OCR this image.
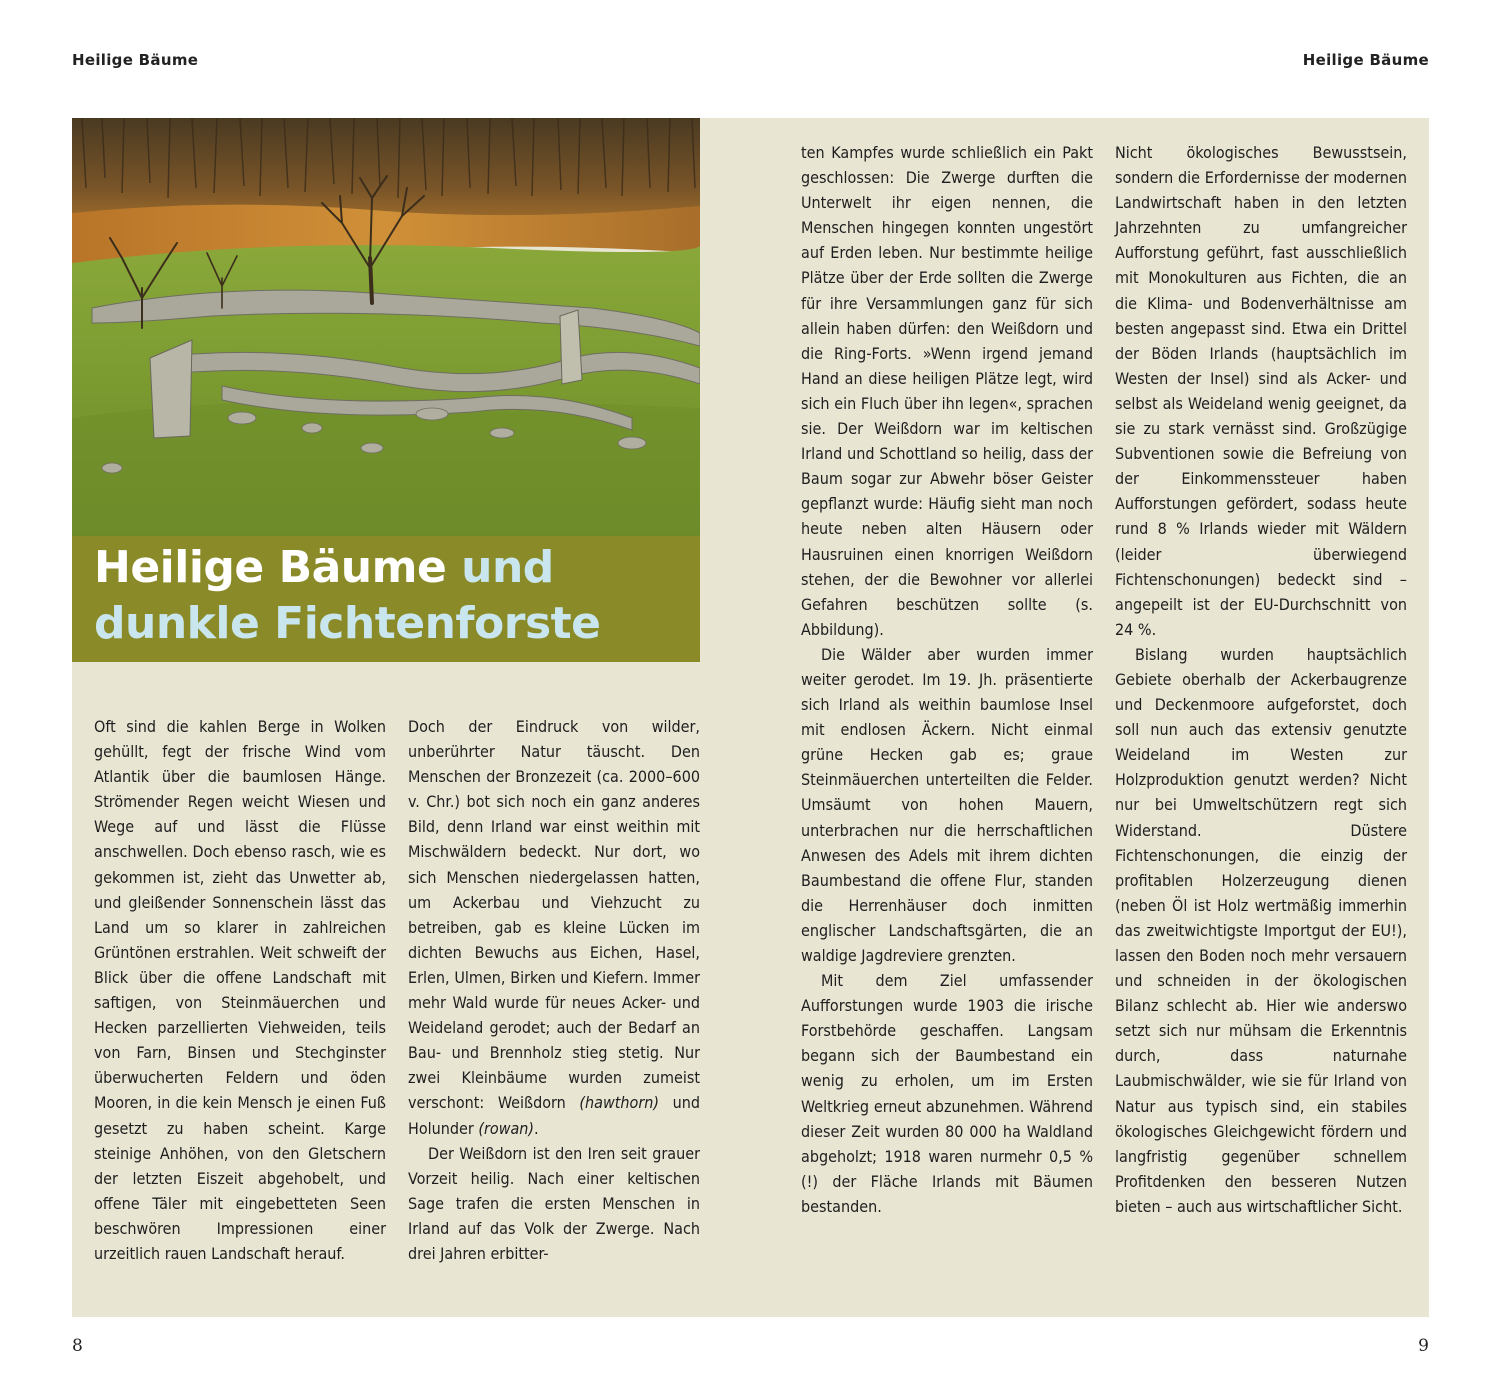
Heilige Bäume	Heilige Bäume
Heilige Bäume und
dunkle Fichtenforste

Oft sind die kahlen Berge in Wolken gehüllt, fegt der frische Wind vom Atlantik über die baumlosen Hänge. Strömender Regen weicht Wiesen und Wege auf und lässt die Flüsse anschwellen. Doch ebenso rasch, wie es gekommen ist, zieht das Unwetter ab, und gleißender Sonnenschein lässt das Land um so klarer in zahlreichen Grüntönen erstrahlen. Weit schweift der Blick über die offene Landschaft mit saftigen, von Steinmäuerchen und Hecken parzellierten Viehweiden, teils von Farn, Binsen und Stechginster überwucherten Feldern und öden Mooren, in die kein Mensch je einen Fuß gesetzt zu haben scheint. Karge steinige Anhöhen, von den Gletschern der letzten Eiszeit abgehobelt, und offene Täler mit eingebetteten Seen beschwören Impressionen einer urzeitlich rauen Landschaft herauf.

Doch der Eindruck von wilder, unberührter Natur täuscht. Den Menschen der Bronzezeit (ca. 2000–600 v. Chr.) bot sich noch ein ganz anderes Bild, denn Irland war einst weithin mit Mischwäldern bedeckt. Nur dort, wo sich Menschen niedergelassen hatten, um Ackerbau und Viehzucht zu betreiben, gab es kleine Lücken im dichten Bewuchs aus Eichen, Hasel, Erlen, Ulmen, Birken und Kiefern. Immer mehr Wald wurde für neues Acker- und Weideland gerodet; auch der Bedarf an Bau- und Brennholz stieg stetig. Nur zwei Kleinbäume wurden zumeist verschont: Weißdorn (hawthorn) und Holunder (rowan).

Der Weißdorn ist den Iren seit grauer Vorzeit heilig. Nach einer keltischen Sage trafen die ersten Menschen in Irland auf das Volk der Zwerge. Nach drei Jahren erbitter-

ten Kampfes wurde schließlich ein Pakt geschlossen: Die Zwerge durften die Unterwelt ihr eigen nennen, die Menschen hingegen konnten ungestört auf Erden leben. Nur bestimmte heilige Plätze über der Erde sollten die Zwerge für ihre Versammlungen ganz für sich allein haben dürfen: den Weißdorn und die Ring-Forts. »Wenn irgend jemand Hand an diese heiligen Plätze legt, wird sich ein Fluch über ihn legen«, sprachen sie. Der Weißdorn war im keltischen Irland und Schottland so heilig, dass der Baum sogar zur Abwehr böser Geister gepflanzt wurde: Häufig sieht man noch heute neben alten Häusern oder Hausruinen einen knorrigen Weißdorn stehen, der die Bewohner vor allerlei Gefahren beschützen sollte (s. Abbildung).

Die Wälder aber wurden immer weiter gerodet. Im 19. Jh. präsentierte sich Irland als weithin baumlose Insel mit endlosen Äckern. Nicht einmal grüne Hecken gab es; graue Steinmäuerchen unterteilten die Felder. Umsäumt von hohen Mauern, unterbrachen nur die herrschaftlichen Anwesen des Adels mit ihrem dichten Baumbestand die offene Flur, standen die Herrenhäuser doch inmitten englischer Landschaftsgärten, die an waldige Jagdreviere grenzten.

Mit dem Ziel umfassender Aufforstungen wurde 1903 die irische Forstbehörde geschaffen. Langsam begann sich der Baumbestand ein wenig zu erholen, um im Ersten Weltkrieg erneut abzunehmen. Während dieser Zeit wurden 80 000 ha Waldland abgeholzt; 1918 waren nurmehr 0,5 % (!) der Fläche Irlands mit Bäumen bestanden.

Nicht ökologisches Bewusstsein, sondern die Erfordernisse der modernen Landwirtschaft haben in den letzten Jahrzehnten zu umfangreicher Aufforstung geführt, fast ausschließlich mit Monokulturen aus Fichten, die an die Klima- und Bodenverhältnisse am besten angepasst sind. Etwa ein Drittel der Böden Irlands (hauptsächlich im Westen der Insel) sind als Acker- und selbst als Weideland wenig geeignet, da sie zu stark vernässt sind. Großzügige Subventionen sowie die Befreiung von der Einkommenssteuer haben Aufforstungen gefördert, sodass heute rund 8 % Irlands wieder mit Wäldern (leider überwiegend Fichtenschonungen) bedeckt sind – angepeilt ist der EU-Durchschnitt von 24 %.

Bislang wurden hauptsächlich Gebiete oberhalb der Ackerbaugrenze und Deckenmoore aufgeforstet, doch soll nun auch das extensiv genutzte Weideland im Westen zur Holzproduktion genutzt werden? Nicht nur bei Umweltschützern regt sich Widerstand. Düstere Fichtenschonungen, die einzig der profitablen Holzerzeugung dienen (neben Öl ist Holz wertmäßig immerhin das zweitwichtigste Importgut der EU!), lassen den Boden noch mehr versauern und schneiden in der ökologischen Bilanz schlecht ab. Hier wie anderswo setzt sich nur mühsam die Erkenntnis durch, dass naturnahe Laubmischwälder, wie sie für Irland von Natur aus typisch sind, ein stabiles ökologisches Gleichgewicht fördern und langfristig gegenüber schnellem Profitdenken den besseren Nutzen bieten – auch aus wirtschaftlicher Sicht.

8	9
